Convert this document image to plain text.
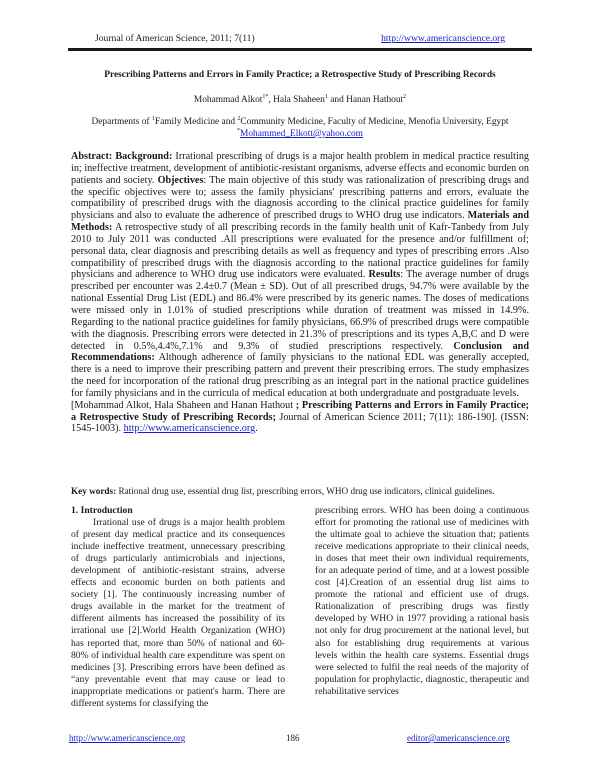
Journal of American Science, 2011; 7(11)	http://www.americanscience.org
Prescribing Patterns and Errors in Family Practice; a Retrospective Study of Prescribing Records
Mohammad Alkot$^{1*}$, Hala Shaheen$^1$ and Hanan Hathout$^2$
Departments of $^1$Family Medicine and $^2$Community Medicine, Faculty of Medicine, Menofia University, Egypt
*Mohammed_Elkott@yahoo.com

Abstract: Background: Irrational prescribing of drugs is a major health problem in medical practice resulting in; ineffective treatment, development of antibiotic-resistant organisms, adverse effects and economic burden on patients and society. Objectives: The main objective of this study was rationalization of prescribing drugs and the specific objectives were to; assess the family physicians' prescribing patterns and errors, evaluate the compatibility of prescribed drugs with the diagnosis according to the clinical practice guidelines for family physicians and also to evaluate the adherence of prescribed drugs to WHO drug use indicators. Materials and Methods: A retrospective study of all prescribing records in the family health unit of Kafr-Tanbedy from July 2010 to July 2011 was conducted .All prescriptions were evaluated for the presence and/or fulfillment of; personal data, clear diagnosis and prescribing details as well as frequency and types of prescribing errors .Also compatibility of prescribed drugs with the diagnosis according to the national practice guidelines for family physicians and adherence to WHO drug use indicators were evaluated. Results: The average number of drugs prescribed per encounter was 2.4±0.7 (Mean ± SD). Out of all prescribed drugs, 94.7% were available by the national Essential Drug List (EDL) and 86.4% were prescribed by its generic names. The doses of medications were missed only in 1.01% of studied prescriptions while duration of treatment was missed in 14.9%. Regarding to the national practice guidelines for family physicians, 66.9% of prescribed drugs were compatible with the diagnosis. Prescribing errors were detected in 21.3% of prescriptions and its types A,B,C and D were detected in 0.5%,4.4%,7.1% and 9.3% of studied prescriptions respectively. Conclusion and Recommendations: Although adherence of family physicians to the national EDL was generally accepted, there is a need to improve their prescribing pattern and prevent their prescribing errors. The study emphasizes the need for incorporation of the rational drug prescribing as an integral part in the national practice guidelines for family physicians and in the curricula of medical education at both undergraduate and postgraduate levels.

[Mohammad Alkot, Hala Shaheen and Hanan Hathout ; Prescribing Patterns and Errors in Family Practice; a Retrospective Study of Prescribing Records; Journal of American Science 2011; 7(11): 186-190]. (ISSN: 1545-1003). http://www.americanscience.org.

Key words: Rational drug use, essential drug list, prescribing errors, WHO drug use indicators, clinical guidelines.

1. Introduction

Irrational use of drugs is a major health problem of present day medical practice and its consequences include ineffective treatment, unnecessary prescribing of drugs particularly antimicrobials and injections, development of antibiotic-resistant strains, adverse effects and economic burden on both patients and society [1]. The continuously increasing number of drugs available in the market for the treatment of different ailments has increased the possibility of its irrational use [2].World Health Organization (WHO) has reported that, more than 50% of national and 60-80% of individual health care expenditure was spent on medicines [3]. Prescribing errors have been defined as “any preventable event that may cause or lead to inappropriate medications or patient's harm. There are different systems for classifying the

prescribing errors. WHO has been doing a continuous effort for promoting the rational use of medicines with the ultimate goal to achieve the situation that; patients receive medications appropriate to their clinical needs, in doses that meet their own individual requirements, for an adequate period of time, and at a lowest possible cost [4].Creation of an essential drug list aims to promote the rational and efficient use of drugs. Rationalization of prescribing drugs was firstly developed by WHO in 1977 providing a rational basis not only for drug procurement at the national level, but also for establishing drug requirements at various levels within the health care systems. Essential drugs were selected to fulfil the real needs of the majority of population for prophylactic, diagnostic, therapeutic and rehabilitative services

http://www.americanscience.org	186	editor@americanscience.org
